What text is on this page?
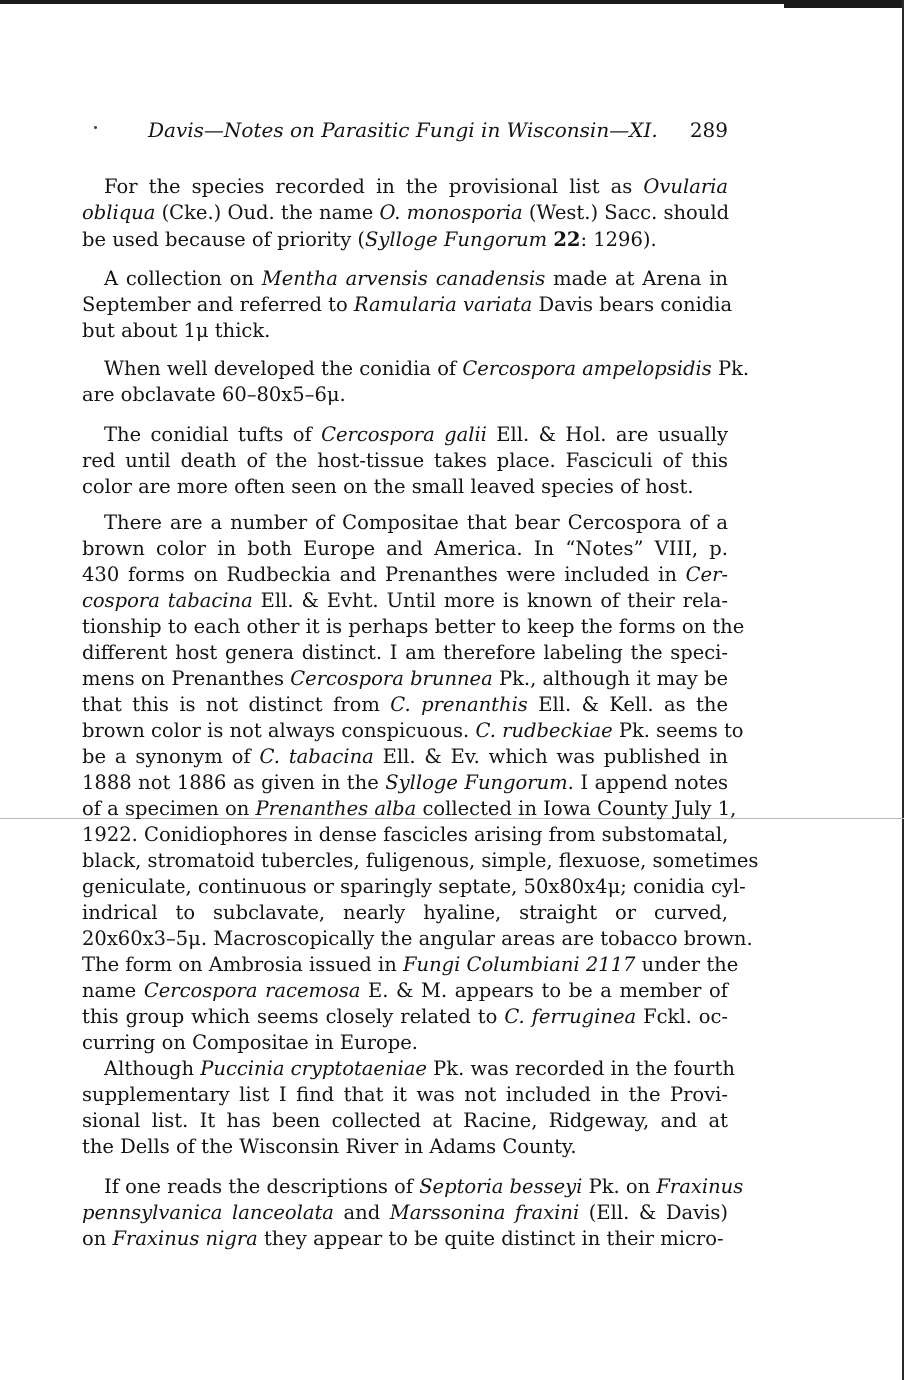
Davis—Notes on Parasitic Fungi in Wisconsin—XI. 289
For the species recorded in the provisional list as Ovularia
obliqua (Cke.) Oud. the name O. monosporia (West.) Sacc. should
be used because of priority (Sylloge Fungorum 22: 1296).
A collection on Mentha arvensis canadensis made at Arena in
September and referred to Ramularia variata Davis bears conidia
but about 1μ thick.
When well developed the conidia of Cercospora ampelopsidis Pk.
are obclavate 60–80x5–6μ.
The conidial tufts of Cercospora galii Ell. & Hol. are usually
red until death of the host-tissue takes place. Fasciculi of this
color are more often seen on the small leaved species of host.
There are a number of Compositae that bear Cercospora of a
brown color in both Europe and America. In “Notes” VIII, p.
430 forms on Rudbeckia and Prenanthes were included in Cer-
cospora tabacina Ell. & Evht. Until more is known of their rela-
tionship to each other it is perhaps better to keep the forms on the
different host genera distinct. I am therefore labeling the speci-
mens on Prenanthes Cercospora brunnea Pk., although it may be
that this is not distinct from C. prenanthis Ell. & Kell. as the
brown color is not always conspicuous. C. rudbeckiae Pk. seems to
be a synonym of C. tabacina Ell. & Ev. which was published in
1888 not 1886 as given in the Sylloge Fungorum. I append notes
of a specimen on Prenanthes alba collected in Iowa County July 1,
1922. Conidiophores in dense fascicles arising from substomatal,
black, stromatoid tubercles, fuligenous, simple, flexuose, sometimes
geniculate, continuous or sparingly septate, 50x80x4μ; conidia cyl-
indrical to subclavate, nearly hyaline, straight or curved,
20x60x3–5μ. Macroscopically the angular areas are tobacco brown.
The form on Ambrosia issued in Fungi Columbiani 2117 under the
name Cercospora racemosa E. & M. appears to be a member of
this group which seems closely related to C. ferruginea Fckl. oc-
curring on Compositae in Europe.
Although Puccinia cryptotaeniae Pk. was recorded in the fourth
supplementary list I find that it was not included in the Provi-
sional list. It has been collected at Racine, Ridgeway, and at
the Dells of the Wisconsin River in Adams County.
If one reads the descriptions of Septoria besseyi Pk. on Fraxinus
pennsylvanica lanceolata and Marssonina fraxini (Ell. & Davis)
on Fraxinus nigra they appear to be quite distinct in their micro-
